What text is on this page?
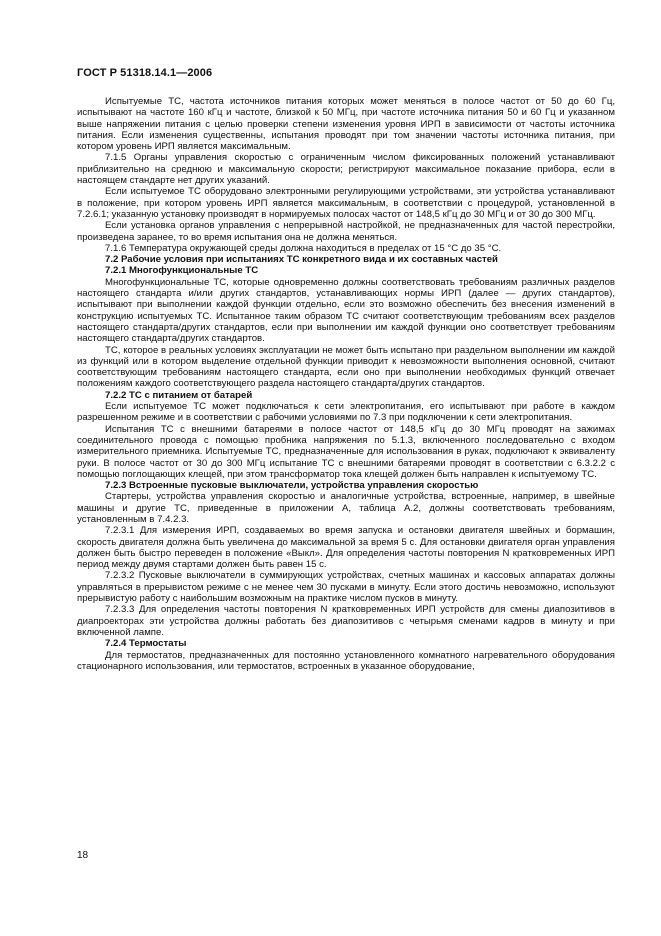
ГОСТ Р 51318.14.1—2006

Испытуемые ТС, частота источников питания которых может меняться в полосе частот от 50 до 60 Гц, испытывают на частоте 160 кГц и частоте, близкой к 50 МГц, при частоте источника питания 50 и 60 Гц и указанном выше напряжении питания с целью проверки степени изменения уровня ИРП в зависимости от частоты источника питания. Если изменения существенны, испытания проводят при том значении частоты источника питания, при котором уровень ИРП является максимальным.

7.1.5 Органы управления скоростью с ограниченным числом фиксированных положений устанавливают приблизительно на среднюю и максимальную скорости; регистрируют максимальное показание прибора, если в настоящем стандарте нет других указаний.

Если испытуемое ТС оборудовано электронными регулирующими устройствами, эти устройства устанавливают в положение, при котором уровень ИРП является максимальным, в соответствии с процедурой, установленной в 7.2.6.1; указанную установку производят в нормируемых полосах частот от 148,5 кГц до 30 МГц и от 30 до 300 МГц.

Если установка органов управления с непрерывной настройкой, не предназначенных для частой перестройки, произведена заранее, то во время испытания она не должна меняться.

7.1.6 Температура окружающей среды должна находиться в пределах от 15 °С до 35 °С.

7.2 Рабочие условия при испытаниях ТС конкретного вида и их составных частей

7.2.1 Многофункциональные ТС

Многофункциональные ТС, которые одновременно должны соответствовать требованиям различных разделов настоящего стандарта и/или других стандартов, устанавливающих нормы ИРП (далее — других стандартов), испытывают при выполнении каждой функции отдельно, если это возможно обеспечить без внесения изменений в конструкцию испытуемых ТС. Испытанное таким образом ТС считают соответствующим требованиям всех разделов настоящего стандарта/других стандартов, если при выполнении им каждой функции оно соответствует требованиям настоящего стандарта/других стандартов.

ТС, которое в реальных условиях эксплуатации не может быть испытано при раздельном выполнении им каждой из функций или в котором выделение отдельной функции приводит к невозможности выполнения основной, считают соответствующим требованиям настоящего стандарта, если оно при выполнении необходимых функций отвечает положениям каждого соответствующего раздела настоящего стандарта/других стандартов.

7.2.2 ТС с питанием от батарей

Если испытуемое ТС может подключаться к сети электропитания, его испытывают при работе в каждом разрешенном режиме и в соответствии с рабочими условиями по 7.3 при подключении к сети электропитания.

Испытания ТС с внешними батареями в полосе частот от 148,5 кГц до 30 МГц проводят на зажимах соединительного провода с помощью пробника напряжения по 5.1.3, включенного последовательно с входом измерительного приемника. Испытуемые ТС, предназначенные для использования в руках, подключают к эквиваленту руки. В полосе частот от 30 до 300 МГц испытание ТС с внешними батареями проводят в соответствии с 6.3.2.2 с помощью поглощающих клещей, при этом трансформатор тока клещей должен быть направлен к испытуемому ТС.

7.2.3 Встроенные пусковые выключатели, устройства управления скоростью

Стартеры, устройства управления скоростью и аналогичные устройства, встроенные, например, в швейные машины и другие ТС, приведенные в приложении А, таблица А.2, должны соответствовать требованиям, установленным в 7.4.2.3.

7.2.3.1 Для измерения ИРП, создаваемых во время запуска и остановки двигателя швейных и бормашин, скорость двигателя должна быть увеличена до максимальной за время 5 с. Для остановки двигателя орган управления должен быть быстро переведен в положение «Выкл». Для определения частоты повторения N кратковременных ИРП период между двумя стартами должен быть равен 15 с.

7.2.3.2 Пусковые выключатели в суммирующих устройствах, счетных машинах и кассовых аппаратах должны управляться в прерывистом режиме с не менее чем 30 пусками в минуту. Если этого достичь невозможно, используют прерывистую работу с наибольшим возможным на практике числом пусков в минуту.

7.2.3.3 Для определения частоты повторения N кратковременных ИРП устройств для смены диапозитивов в диапроекторах эти устройства должны работать без диапозитивов с четырьмя сменами кадров в минуту и при включенной лампе.

7.2.4 Термостаты

Для термостатов, предназначенных для постоянно установленного комнатного нагревательного оборудования стационарного использования, или термостатов, встроенных в указанное оборудование,

18
